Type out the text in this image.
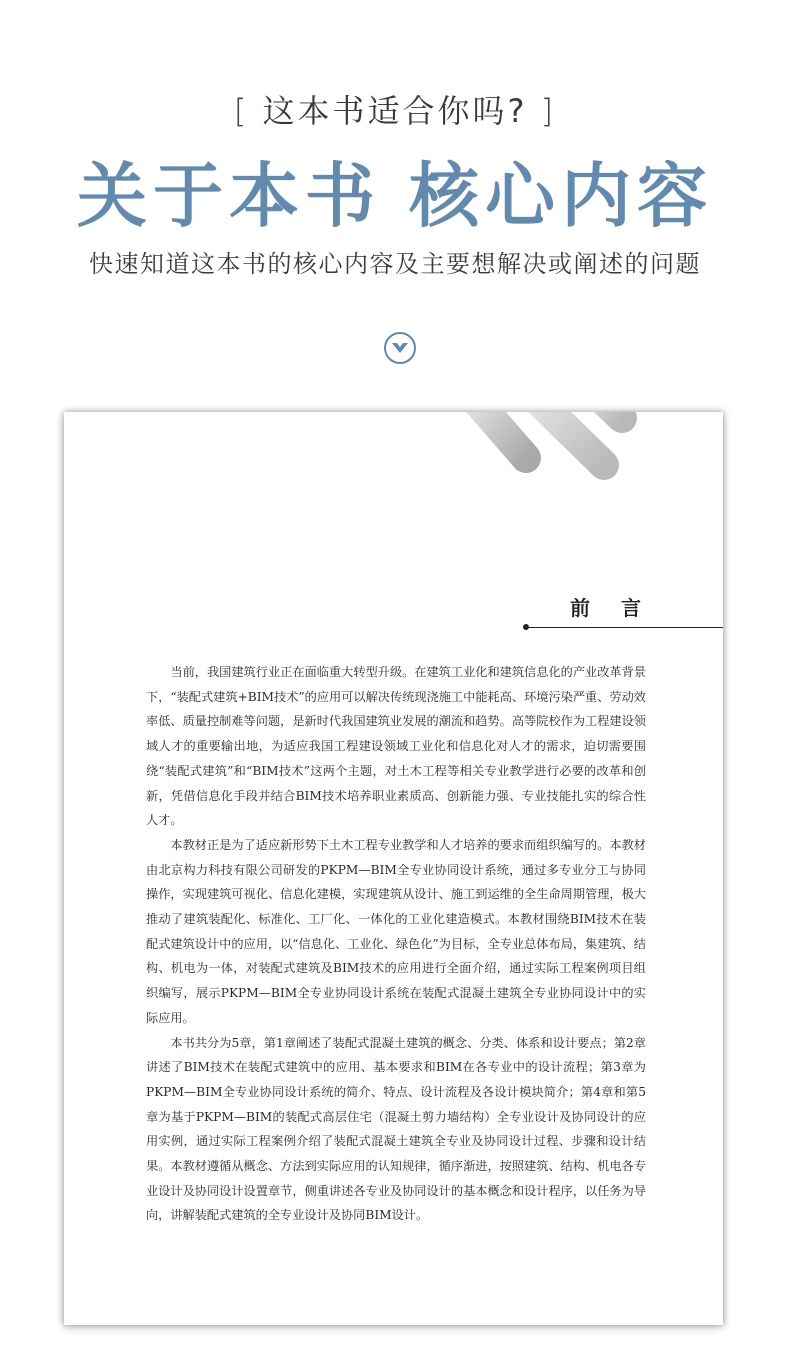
[ 这本书适合你吗? ]
关于本书 核心内容
快速知道这本书的核心内容及主要想解决或阐述的问题
前 言

当前，我国建筑行业正在面临重大转型升级。在建筑工业化和建筑信息化的产业改革背景下，“装配式建筑+BIM技术”的应用可以解决传统现浇施工中能耗高、环境污染严重、劳动效率低、质量控制难等问题，是新时代我国建筑业发展的潮流和趋势。高等院校作为工程建设领域人才的重要输出地，为适应我国工程建设领域工业化和信息化对人才的需求，迫切需要围绕“装配式建筑”和“BIM技术”这两个主题，对土木工程等相关专业教学进行必要的改革和创新，凭借信息化手段并结合BIM技术培养职业素质高、创新能力强、专业技能扎实的综合性人才。

本教材正是为了适应新形势下土木工程专业教学和人才培养的要求而组织编写的。本教材由北京构力科技有限公司研发的PKPM—BIM全专业协同设计系统，通过多专业分工与协同操作，实现建筑可视化、信息化建模，实现建筑从设计、施工到运维的全生命周期管理，极大推动了建筑装配化、标准化、工厂化、一体化的工业化建造模式。本教材围绕BIM技术在装配式建筑设计中的应用，以“信息化、工业化、绿色化”为目标，全专业总体布局，集建筑、结构、机电为一体，对装配式建筑及BIM技术的应用进行全面介绍，通过实际工程案例项目组织编写，展示PKPM—BIM全专业协同设计系统在装配式混凝土建筑全专业协同设计中的实际应用。

本书共分为5章，第1章阐述了装配式混凝土建筑的概念、分类、体系和设计要点；第2章讲述了BIM技术在装配式建筑中的应用、基本要求和BIM在各专业中的设计流程；第3章为PKPM—BIM全专业协同设计系统的简介、特点、设计流程及各设计模块简介；第4章和第5章为基于PKPM—BIM的装配式高层住宅（混凝土剪力墙结构）全专业设计及协同设计的应用实例，通过实际工程案例介绍了装配式混凝土建筑全专业及协同设计过程、步骤和设计结果。本教材遵循从概念、方法到实际应用的认知规律，循序渐进，按照建筑、结构、机电各专业设计及协同设计设置章节，侧重讲述各专业及协同设计的基本概念和设计程序，以任务为导向，讲解装配式建筑的全专业设计及协同BIM设计。
